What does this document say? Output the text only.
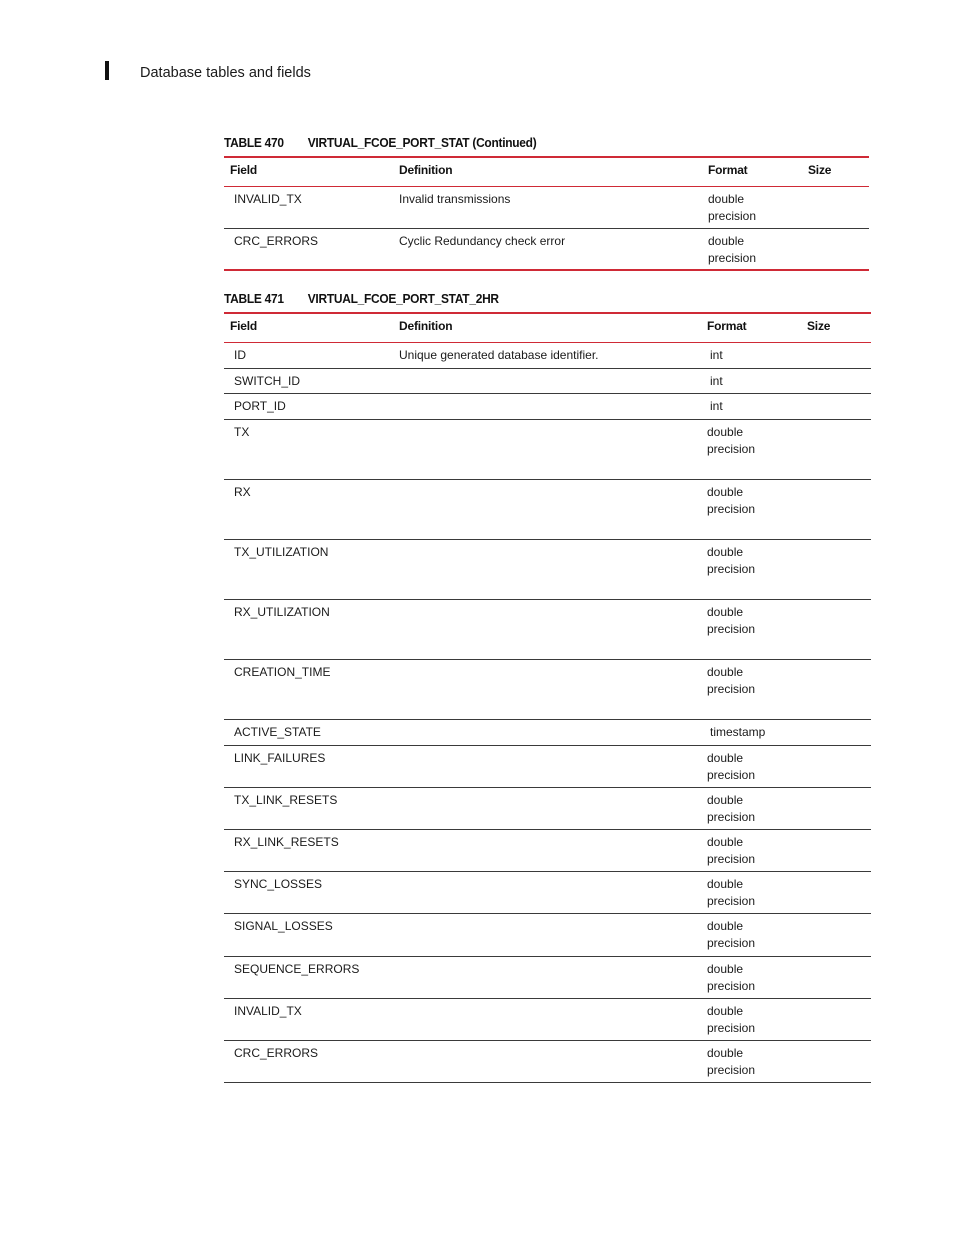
Database tables and fields
TABLE 470 VIRTUAL_FCOE_PORT_STAT (Continued)
Field	Definition	Format	Size
INVALID_TX	Invalid transmissions	double
precision	

CRC_ERRORS	Cyclic Redundancy check error	double
precision	

TABLE 471 VIRTUAL_FCOE_PORT_STAT_2HR
Field	Definition	Format	Size
ID	Unique generated database identifier.	int	

SWITCH_ID		int	

PORT_ID		int	

TX		double
precision	

RX		double
precision	

TX_UTILIZATION		double
precision	

RX_UTILIZATION		double
precision	

CREATION_TIME		double
precision	

ACTIVE_STATE		timestamp	

LINK_FAILURES		double
precision	

TX_LINK_RESETS		double
precision	

RX_LINK_RESETS		double
precision	

SYNC_LOSSES		double
precision	

SIGNAL_LOSSES		double
precision	

SEQUENCE_ERRORS		double
precision	

INVALID_TX		double
precision	

CRC_ERRORS		double
precision	
